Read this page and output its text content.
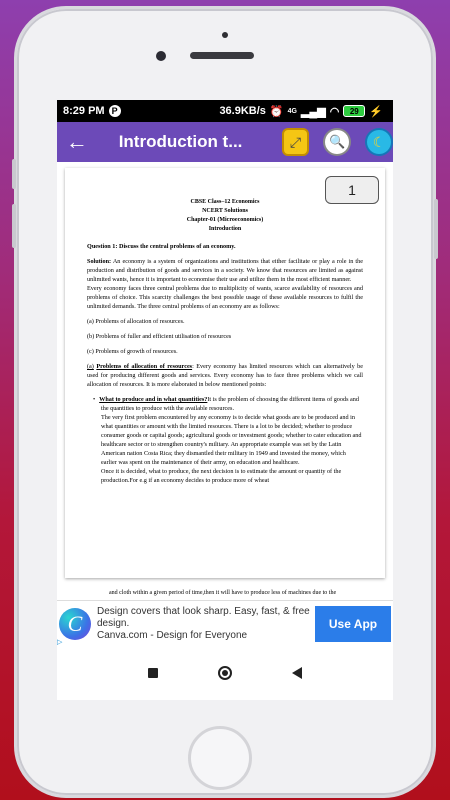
8:29 PM P	36.9KB/s ⏰ 4G ▂▄▆ ◠	29 ⚡
←	Introduction t...	⤢	🔍	☾
CBSE Class–12 Economics
NCERT Solutions
Chapter-01 (Microeconomics)
Introduction

Question 1: Discuss the central problems of an economy.

Solution: An economy is a system of organizations and institutions that either facilitate or play a role in the production and distribution of goods and services in a society. We know that resources are limited as against unlimited wants, hence it is important to economise their use and utilize them in the most efficient manner.
Every economy faces three central problems due to multiplicity of wants, scarce availability of resources and problems of choice. This scarcity challenges the best possible usage of these available resources to fulfil the unlimited demands. The three central problems of an economy are as follows:

(a) Problems of allocation of resources.

(b) Problems of fuller and efficient utilisation of resources

(c) Problems of growth of resources.

(a) Problems of allocation of resources: Every economy has limited resources which can alternatively be used for producing different goods and services. Every economy has to face three problems which we call allocation of resources. It is more elaborated in below mentioned points:

• What to produce and in what quantities?It is the problem of choosing the different items of goods and the quantities to produce with the available resources.
The very first problem encountered by any economy is to decide what goods are to be produced and in what quantities or amount with the limited resources. There is a lot to be decided; whether to produce consumer goods or capital goods; agricultural goods or investment goods; whether to cater education and healthcare sector or to strengthen country's military. An appropriate example was set by the Latin American nation Costa Rica; they dismantled their military in 1949 and invested the money, which earlier was spent on the maintenance of their army, on education and healthcare.
Once it is decided, what to produce, the next decision is to estimate the amount or quantity of the production.For e.g if an economy decides to produce more of wheat
1
and cloth within a given period of time,then it will have to produce less of machines due to the
C	Design covers that look sharp. Easy, fast, & free design.
Canva.com - Design for Everyone
Use App
▷
